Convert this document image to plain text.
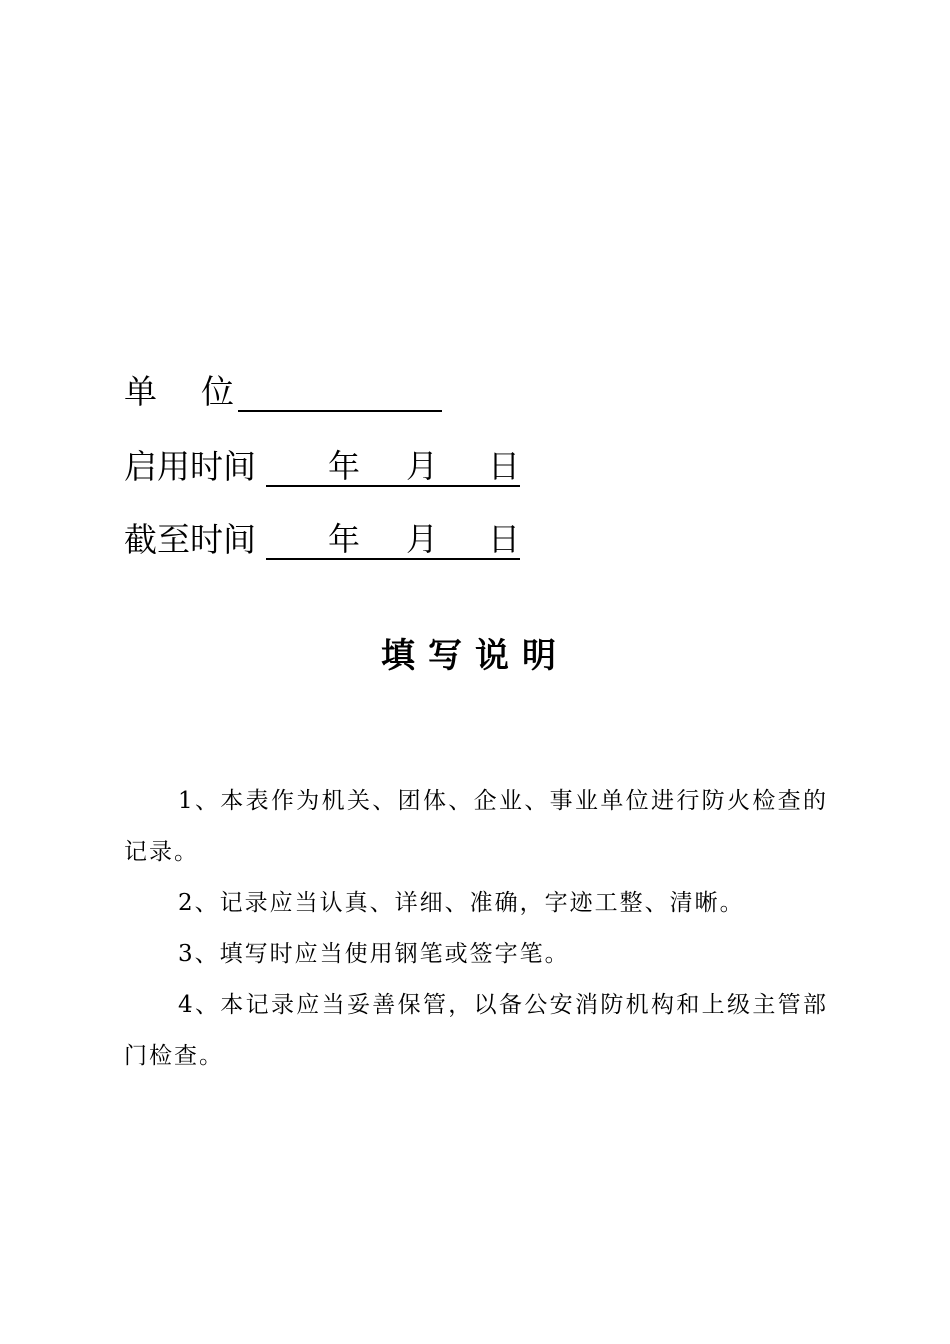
单 位
启用时间 年 月 日
截至时间 年 月 日
填写说明

1、本表作为机关、团体、企业、事业单位进行防火检查的记录。

2、记录应当认真、详细、准确，字迹工整、清晰。

3、填写时应当使用钢笔或签字笔。

4、本记录应当妥善保管，以备公安消防机构和上级主管部门检查。
